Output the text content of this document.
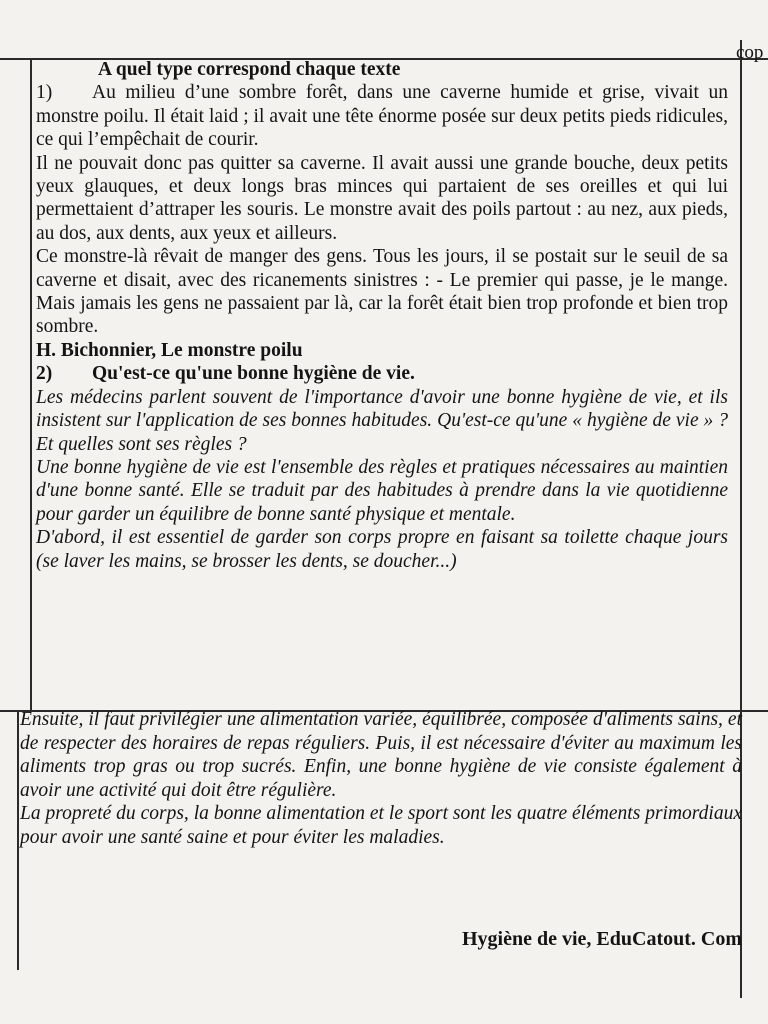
cop

A quel type correspond chaque texte

1) Au milieu d’une sombre forêt, dans une caverne humide et grise, vivait un monstre poilu. Il était laid ; il avait une tête énorme posée sur deux petits pieds ridicules, ce qui l’empêchait de courir.

Il ne pouvait donc pas quitter sa caverne. Il avait aussi une grande bouche, deux petits yeux glauques, et deux longs bras minces qui partaient de ses oreilles et qui lui permettaient d’attraper les souris. Le monstre avait des poils partout : au nez, aux pieds, au dos, aux dents, aux yeux et ailleurs.

Ce monstre-là rêvait de manger des gens. Tous les jours, il se postait sur le seuil de sa caverne et disait, avec des ricanements sinistres : - Le premier qui passe, je le mange. Mais jamais les gens ne passaient par là, car la forêt était bien trop profonde et bien trop sombre.

H. Bichonnier, Le monstre poilu

2) Qu'est-ce qu'une bonne hygiène de vie.

Les médecins parlent souvent de l'importance d'avoir une bonne hygiène de vie, et ils insistent sur l'application de ses bonnes habitudes. Qu'est-ce qu'une « hygiène de vie » ? Et quelles sont ses règles ?

Une bonne hygiène de vie est l'ensemble des règles et pratiques nécessaires au maintien d'une bonne santé. Elle se traduit par des habitudes à prendre dans la vie quotidienne pour garder un équilibre de bonne santé physique et mentale.

D'abord, il est essentiel de garder son corps propre en faisant sa toilette chaque jours (se laver les mains, se brosser les dents, se doucher...)

Ensuite, il faut privilégier une alimentation variée, équilibrée, composée d'aliments sains, et de respecter des horaires de repas réguliers. Puis, il est nécessaire d'éviter au maximum les aliments trop gras ou trop sucrés. Enfin, une bonne hygiène de vie consiste également à avoir une activité qui doit être régulière.

La propreté du corps, la bonne alimentation et le sport sont les quatre éléments primordiaux pour avoir une santé saine et pour éviter les maladies.

Hygiène de vie, EduCatout. Com
